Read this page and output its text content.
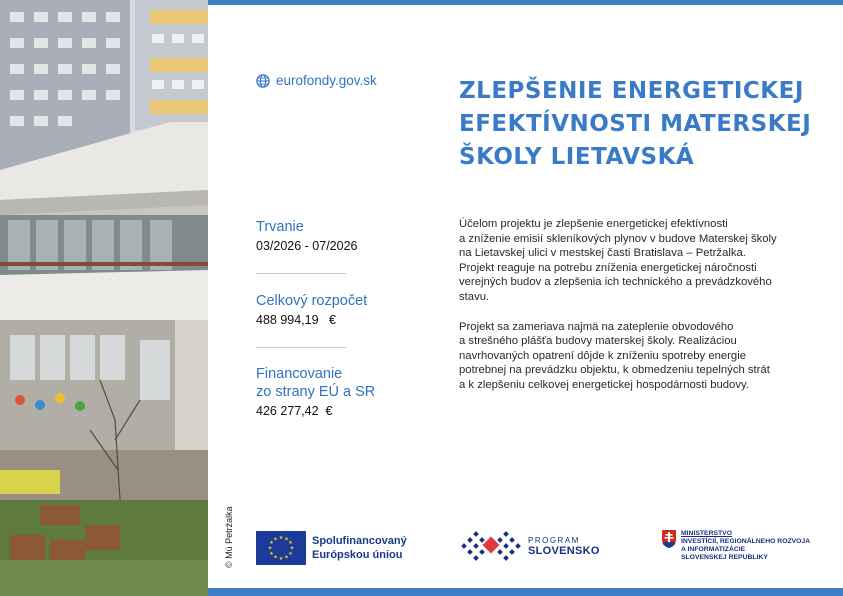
© Mú Petržalka
eurofondy.gov.sk	ZLEPŠENIE ENERGETICKEJ
EFEKTÍVNOSTI MATERSKEJ
ŠKOLY LIETAVSKÁ
Trvanie
03/2026 - 07/2026
Celkový rozpočet
488 994,19   €
Financovanie
zo strany EÚ a SR
426 277,42  €

Účelom projektu je zlepšenie energetickej efektívnosti
a zníženie emisií skleníkových plynov v budove Materskej školy
na Lietavskej ulici v mestskej časti Bratislava – Petržalka.
Projekt reaguje na potrebu zníženia energetickej náročnosti
verejných budov a zlepšenia ich technického a prevádzkového
stavu.

Projekt sa zameriava najmä na zateplenie obvodového
a strešného plášťa budovy materskej školy. Realizáciou
navrhovaných opatrení dôjde k zníženiu spotreby energie
potrebnej na prevádzku objektu, k obmedzeniu tepelných strát
a k zlepšeniu celkovej energetickej hospodárnosti budovy.

★ ★
★
★
★
★
★
★
★
★
★
★	Spolufinancovaný
Európskou úniou
PROGRAM
SLOVENSKO
MINISTERSTVO
INVESTÍCIÍ, REGIONÁLNEHO ROZVOJA
A INFORMATIZÁCIE
SLOVENSKEJ REPUBLIKY
